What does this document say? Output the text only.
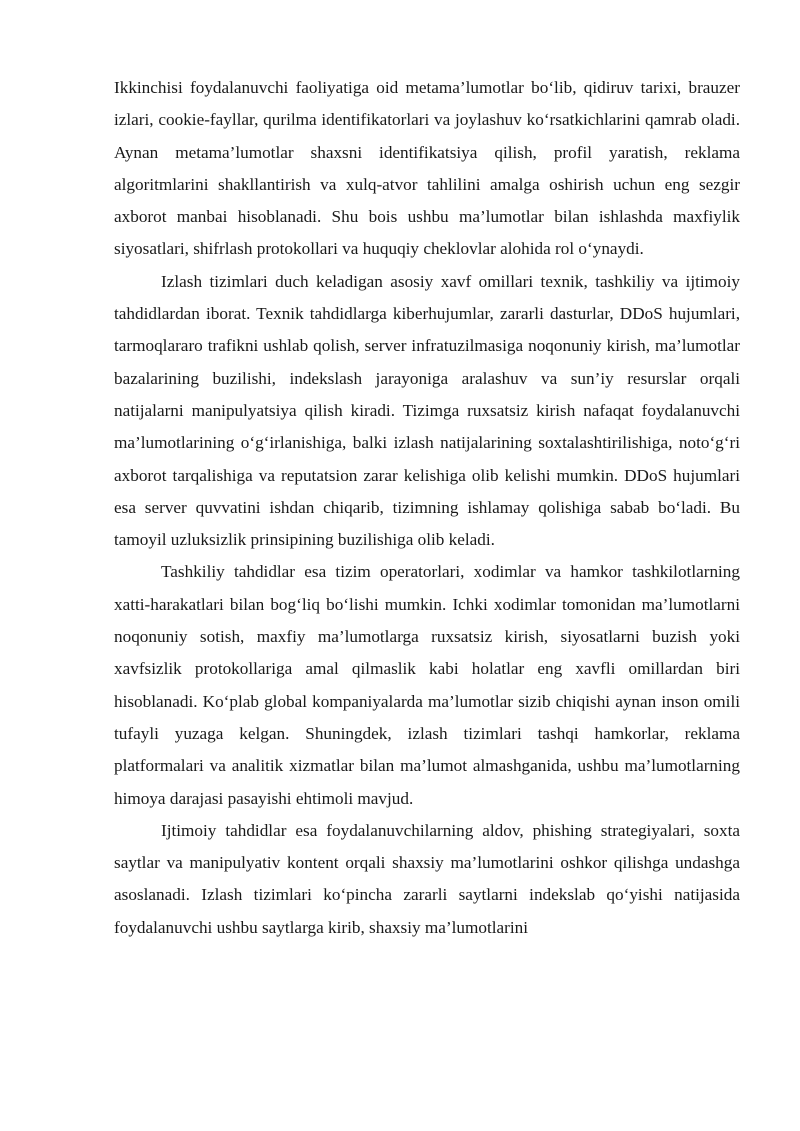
Ikkinchisi foydalanuvchi faoliyatiga oid metama’lumotlar bo‘lib, qidiruv tarixi, brauzer izlari, cookie-fayllar, qurilma identifikatorlari va joylashuv ko‘rsatkichlarini qamrab oladi. Aynan metama’lumotlar shaxsni identifikatsiya qilish, profil yaratish, reklama algoritmlarini shakllantirish va xulq-atvor tahlilini amalga oshirish uchun eng sezgir axborot manbai hisoblanadi. Shu bois ushbu ma’lumotlar bilan ishlashda maxfiylik siyosatlari, shifrlash protokollari va huquqiy cheklovlar alohida rol o‘ynaydi.

Izlash tizimlari duch keladigan asosiy xavf omillari texnik, tashkiliy va ijtimoiy tahdidlardan iborat. Texnik tahdidlarga kiberhujumlar, zararli dasturlar, DDoS hujumlari, tarmoqlararo trafikni ushlab qolish, server infratuzilmasiga noqonuniy kirish, ma’lumotlar bazalarining buzilishi, indekslash jarayoniga aralashuv va sun’iy resurslar orqali natijalarni manipulyatsiya qilish kiradi. Tizimga ruxsatsiz kirish nafaqat foydalanuvchi ma’lumotlarining o‘g‘irlanishiga, balki izlash natijalarining soxtalashtirilishiga, noto‘g‘ri axborot tarqalishiga va reputatsion zarar kelishiga olib kelishi mumkin. DDoS hujumlari esa server quvvatini ishdan chiqarib, tizimning ishlamay qolishiga sabab bo‘ladi. Bu tamoyil uzluksizlik prinsipining buzilishiga olib keladi.

Tashkiliy tahdidlar esa tizim operatorlari, xodimlar va hamkor tashkilotlarning xatti-harakatlari bilan bog‘liq bo‘lishi mumkin. Ichki xodimlar tomonidan ma’lumotlarni noqonuniy sotish, maxfiy ma’lumotlarga ruxsatsiz kirish, siyosatlarni buzish yoki xavfsizlik protokollariga amal qilmaslik kabi holatlar eng xavfli omillardan biri hisoblanadi. Ko‘plab global kompaniyalarda ma’lumotlar sizib chiqishi aynan inson omili tufayli yuzaga kelgan. Shuningdek, izlash tizimlari tashqi hamkorlar, reklama platformalari va analitik xizmatlar bilan ma’lumot almashganida, ushbu ma’lumotlarning himoya darajasi pasayishi ehtimoli mavjud.

Ijtimoiy tahdidlar esa foydalanuvchilarning aldov, phishing strategiyalari, soxta saytlar va manipulyativ kontent orqali shaxsiy ma’lumotlarini oshkor qilishga undashga asoslanadi. Izlash tizimlari ko‘pincha zararli saytlarni indekslab qo‘yishi natijasida foydalanuvchi ushbu saytlarga kirib, shaxsiy ma’lumotlarini
